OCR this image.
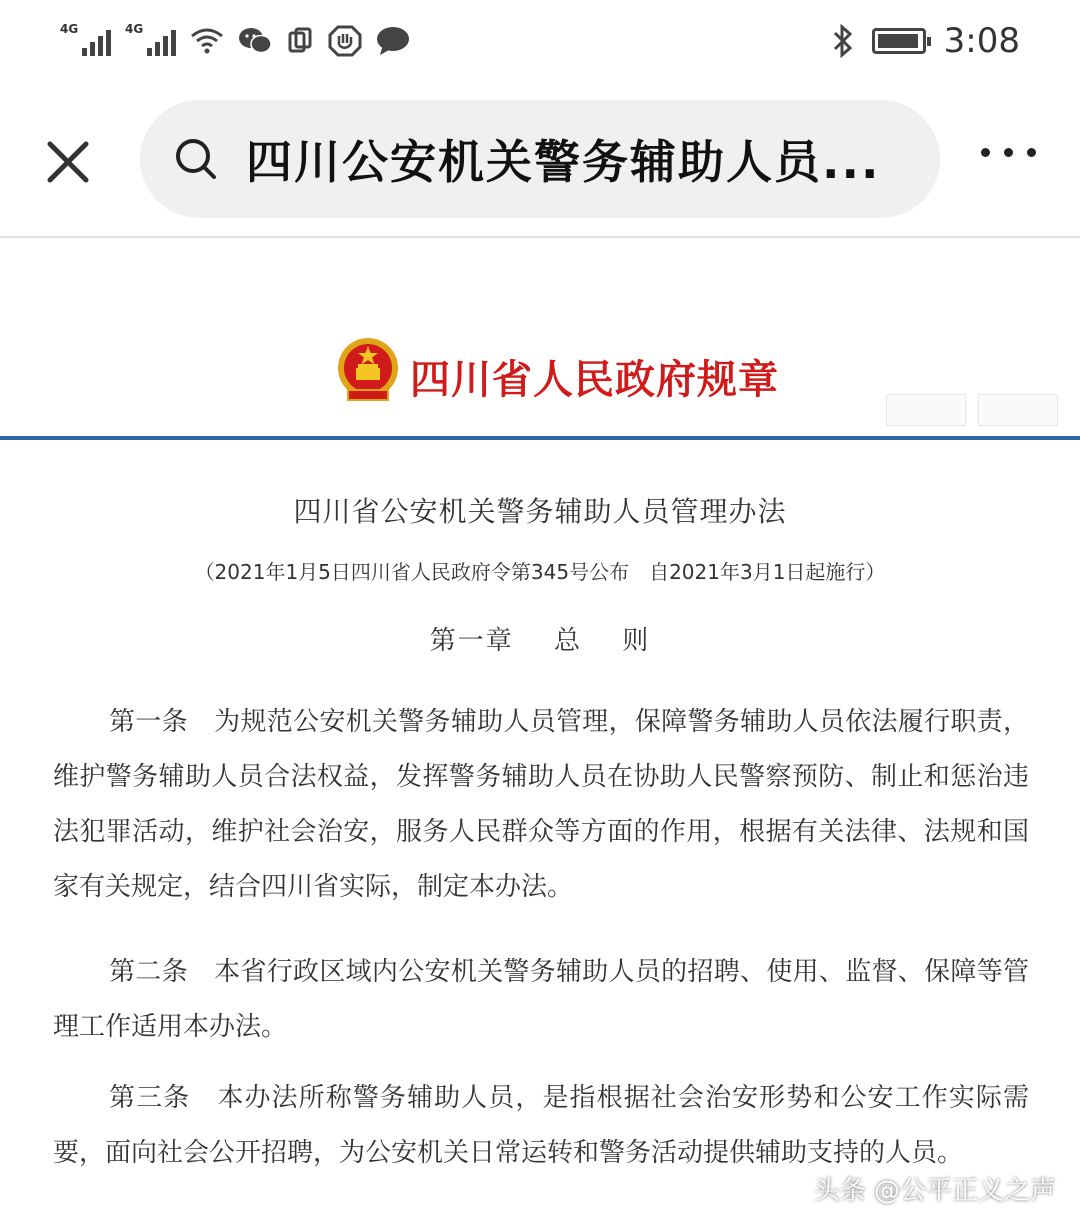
4G	4G	3:08
四川公安机关警务辅助人员...
四川省人民政府规章
四川省公安机关警务辅助人员管理办法
（2021年1月5日四川省人民政府令第345号公布　自2021年3月1日起施行）
第一章 总 则

第一条　为规范公安机关警务辅助人员管理，保障警务辅助人员依法履行职责，维护警务辅助人员合法权益，发挥警务辅助人员在协助人民警察预防、制止和惩治违法犯罪活动，维护社会治安，服务人民群众等方面的作用，根据有关法律、法规和国家有关规定，结合四川省实际，制定本办法。

第二条　本省行政区域内公安机关警务辅助人员的招聘、使用、监督、保障等管理工作适用本办法。

第三条　本办法所称警务辅助人员，是指根据社会治安形势和公安工作实际需要，面向社会公开招聘，为公安机关日常运转和警务活动提供辅助支持的人员。

头条 @公平正义之声
